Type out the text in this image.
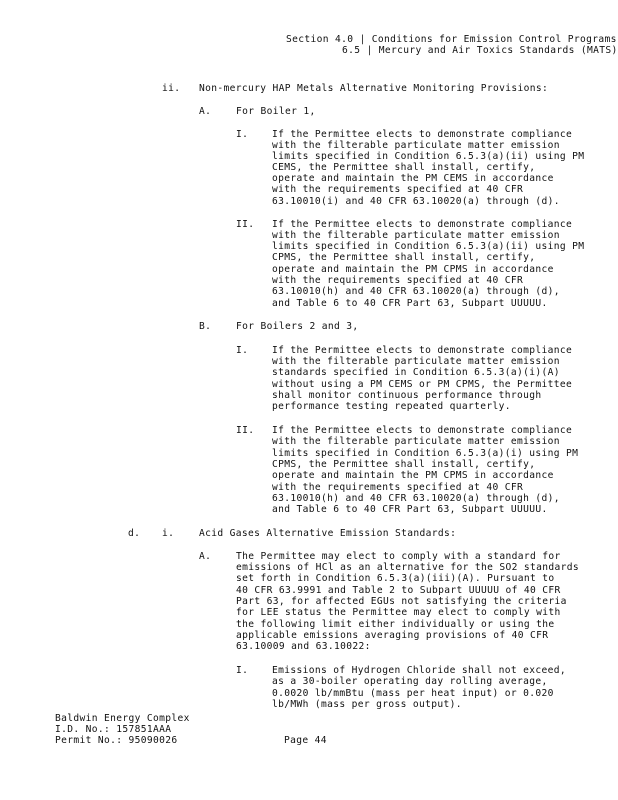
Section 4.0 | Conditions for Emission Control Programs
6.5 | Mercury and Air Toxics Standards (MATS)
ii. Non-mercury HAP Metals Alternative Monitoring Provisions:
A.	For Boiler 1,
I. If the Permittee elects to demonstrate compliance
with the filterable particulate matter emission
limits specified in Condition 6.5.3(a)(ii) using PM
CEMS, the Permittee shall install, certify,
operate and maintain the PM CEMS in accordance
with the requirements specified at 40 CFR
63.10010(i) and 40 CFR 63.10020(a) through (d).
II. If the Permittee elects to demonstrate compliance
with the filterable particulate matter emission
limits specified in Condition 6.5.3(a)(ii) using PM
CPMS, the Permittee shall install, certify,
operate and maintain the PM CPMS in accordance
with the requirements specified at 40 CFR
63.10010(h) and 40 CFR 63.10020(a) through (d),
and Table 6 to 40 CFR Part 63, Subpart UUUUU.
B.	For Boilers 2 and 3,
I. If the Permittee elects to demonstrate compliance
with the filterable particulate matter emission
standards specified in Condition 6.5.3(a)(i)(A)
without using a PM CEMS or PM CPMS, the Permittee
shall monitor continuous performance through
performance testing repeated quarterly.
II. If the Permittee elects to demonstrate compliance
with the filterable particulate matter emission
limits specified in Condition 6.5.3(a)(i) using PM
CPMS, the Permittee shall install, certify,
operate and maintain the PM CPMS in accordance
with the requirements specified at 40 CFR
63.10010(h) and 40 CFR 63.10020(a) through (d),
and Table 6 to 40 CFR Part 63, Subpart UUUUU.
d. i.	Acid Gases Alternative Emission Standards:
A.	The Permittee may elect to comply with a standard for
emissions of HCl as an alternative for the SO2 standards
set forth in Condition 6.5.3(a)(iii)(A). Pursuant to
40 CFR 63.9991 and Table 2 to Subpart UUUUU of 40 CFR
Part 63, for affected EGUs not satisfying the criteria
for LEE status the Permittee may elect to comply with
the following limit either individually or using the
applicable emissions averaging provisions of 40 CFR
63.10009 and 63.10022:
I. Emissions of Hydrogen Chloride shall not exceed,
as a 30-boiler operating day rolling average,
0.0020 lb/mmBtu (mass per heat input) or 0.020
lb/MWh (mass per gross output).
Baldwin Energy Complex
I.D. No.: 157851AAA
Permit No.: 95090026	Page 44
